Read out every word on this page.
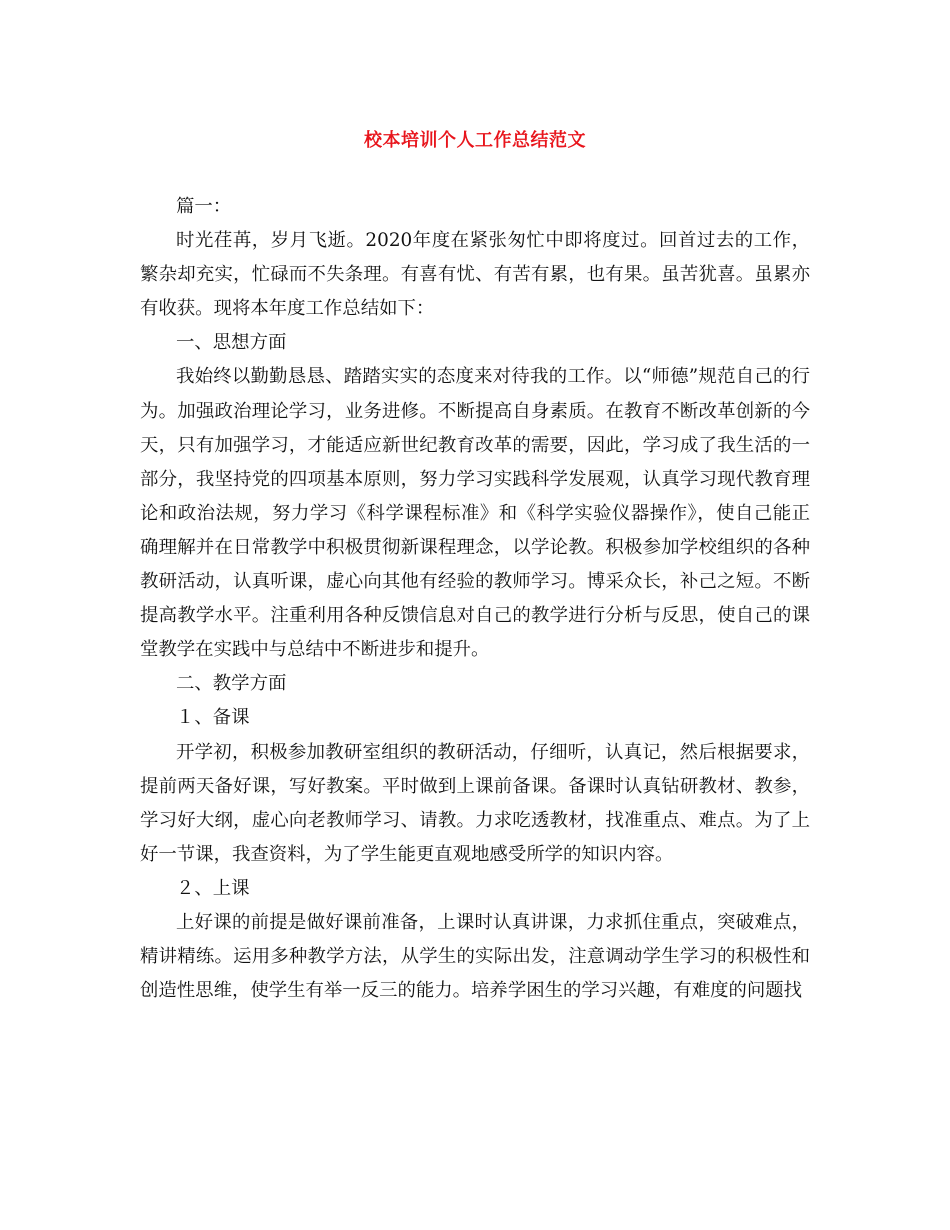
校本培训个人工作总结范文

篇一：

时光荏苒，岁月飞逝。2020年度在紧张匆忙中即将度过。回首过去的工作，繁杂却充实，忙碌而不失条理。有喜有忧、有苦有累，也有果。虽苦犹喜。虽累亦有收获。现将本年度工作总结如下：

一、思想方面

我始终以勤勤恳恳、踏踏实实的态度来对待我的工作。以“师德”规范自己的行为。加强政治理论学习，业务进修。不断提高自身素质。在教育不断改革创新的今天，只有加强学习，才能适应新世纪教育改革的需要，因此，学习成了我生活的一部分，我坚持党的四项基本原则，努力学习实践科学发展观，认真学习现代教育理论和政治法规，努力学习《科学课程标准》和《科学实验仪器操作》，使自己能正确理解并在日常教学中积极贯彻新课程理念，以学论教。积极参加学校组织的各种教研活动，认真听课，虚心向其他有经验的教师学习。博采众长，补己之短。不断提高教学水平。注重利用各种反馈信息对自己的教学进行分析与反思，使自己的课堂教学在实践中与总结中不断进步和提升。

二、教学方面

１、备课

开学初，积极参加教研室组织的教研活动，仔细听，认真记，然后根据要求，提前两天备好课，写好教案。平时做到上课前备课。备课时认真钻研教材、教参，学习好大纲，虚心向老教师学习、请教。力求吃透教材，找准重点、难点。为了上好一节课，我查资料，为了学生能更直观地感受所学的知识内容。

２、上课

上好课的前提是做好课前准备，上课时认真讲课，力求抓住重点，突破难点，精讲精练。运用多种教学方法，从学生的实际出发，注意调动学生学习的积极性和创造性思维，使学生有举一反三的能力。培养学困生的学习兴趣，有难度的问题找
